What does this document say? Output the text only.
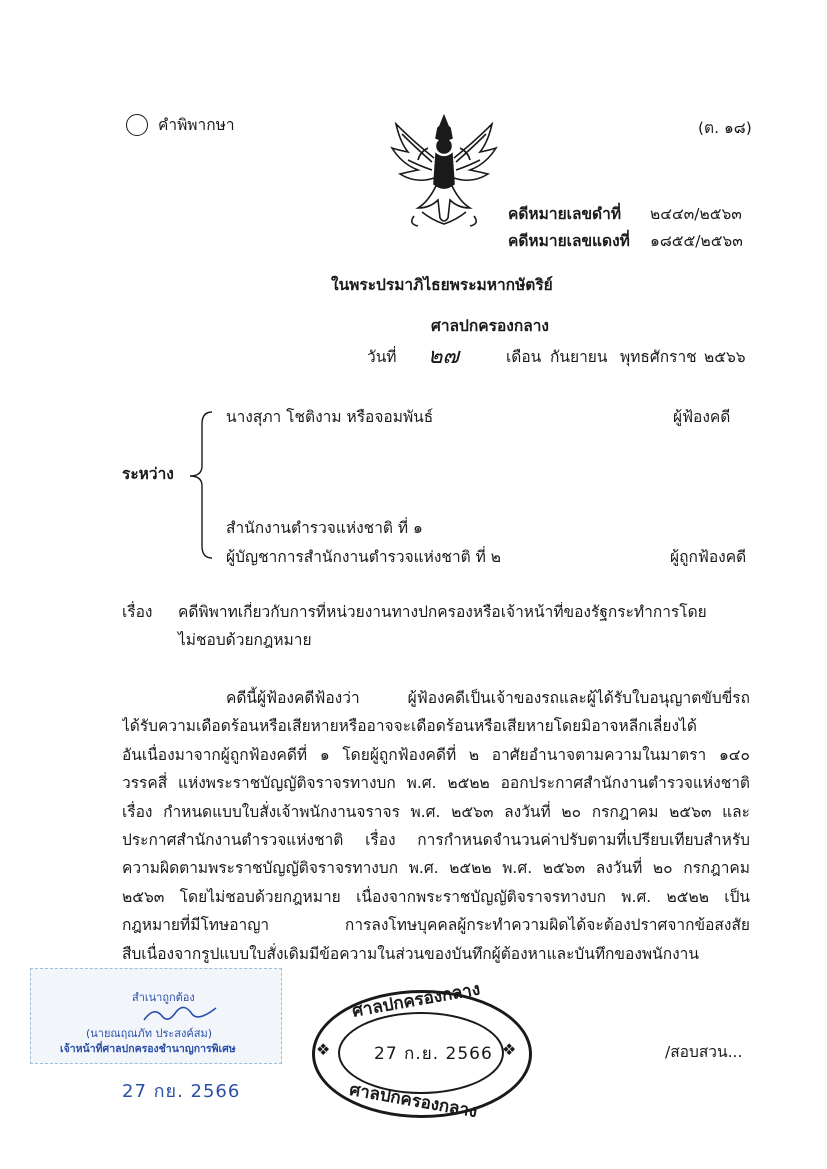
คำพิพากษา	(ต. ๑๘)
คดีหมายเลขดำที่ ๒๔๔๓/๒๕๖๓
คดีหมายเลขแดงที่ ๑๘๕๕/๒๕๖๓
ในพระปรมาภิไธยพระมหากษัตริย์
ศาลปกครองกลาง
วันที่ ๒๗	เดือน กันยายน พุทธศักราช ๒๕๖๖
ระหว่าง
นางสุภา โชติงาม หรือจอมพันธ์	ผู้ฟ้องคดี
สำนักงานตำรวจแห่งชาติ ที่ ๑
ผู้บัญชาการสำนักงานตำรวจแห่งชาติ ที่ ๒	ผู้ถูกฟ้องคดี
เรื่อง คดีพิพาทเกี่ยวกับการที่หน่วยงานทางปกครองหรือเจ้าหน้าที่ของรัฐกระทำการโดย
ไม่ชอบด้วยกฎหมาย
คดีนี้ผู้ฟ้องคดีฟ้องว่า ผู้ฟ้องคดีเป็นเจ้าของรถและผู้ได้รับใบอนุญาตขับขี่รถ
ได้รับความเดือดร้อนหรือเสียหายหรืออาจจะเดือดร้อนหรือเสียหายโดยมิอาจหลีกเลี่ยงได้
อันเนื่องมาจากผู้ถูกฟ้องคดีที่ ๑ โดยผู้ถูกฟ้องคดีที่ ๒ อาศัยอำนาจตามความในมาตรา ๑๔๐
วรรคสี่ แห่งพระราชบัญญัติจราจรทางบก พ.ศ. ๒๕๒๒ ออกประกาศสำนักงานตำรวจแห่งชาติ
เรื่อง กำหนดแบบใบสั่งเจ้าพนักงานจราจร พ.ศ. ๒๕๖๓ ลงวันที่ ๒๐ กรกฎาคม ๒๕๖๓ และ
ประกาศสำนักงานตำรวจแห่งชาติ เรื่อง การกำหนดจำนวนค่าปรับตามที่เปรียบเทียบสำหรับ
ความผิดตามพระราชบัญญัติจราจรทางบก พ.ศ. ๒๕๒๒ พ.ศ. ๒๕๖๓ ลงวันที่ ๒๐ กรกฎาคม
๒๕๖๓ โดยไม่ชอบด้วยกฎหมาย เนื่องจากพระราชบัญญัติจราจรทางบก พ.ศ. ๒๕๒๒ เป็น
กฎหมายที่มีโทษอาญา การลงโทษบุคคลผู้กระทำความผิดได้จะต้องปราศจากข้อสงสัย
สืบเนื่องจากรูปแบบใบสั่งเดิมมีข้อความในส่วนของบันทึกผู้ต้องหาและบันทึกของพนักงาน
สำเนาถูกต้อง
(นายณฤณภัท ประสงค์สม)
เจ้าหน้าที่ศาลปกครองชำนาญการพิเศษ
27 กย. 2566
ศาลปกครองกลาง
27 ก.ย. 2566
ศาลปกครองกลาง
❖	❖	/สอบสวน...
